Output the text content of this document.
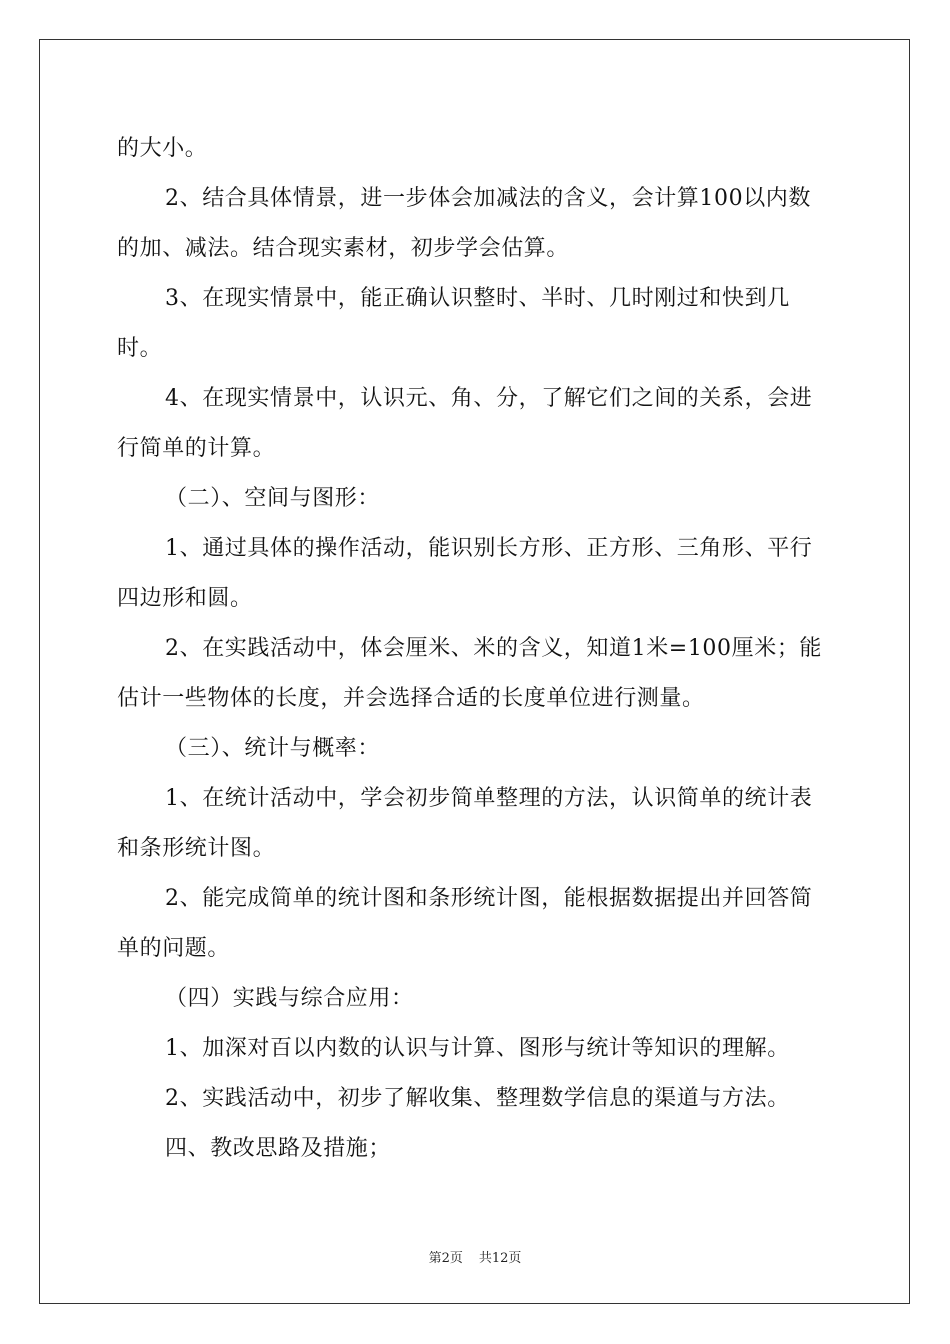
的大小。

2、结合具体情景，进一步体会加减法的含义，会计算100以内数的加、减法。结合现实素材，初步学会估算。

3、在现实情景中，能正确认识整时、半时、几时刚过和快到几时。

4、在现实情景中，认识元、角、分，了解它们之间的关系，会进行简单的计算。

（二）、空间与图形：

1、通过具体的操作活动，能识别长方形、正方形、三角形、平行四边形和圆。

2、在实践活动中，体会厘米、米的含义，知道1米=100厘米；能估计一些物体的长度，并会选择合适的长度单位进行测量。

（三）、统计与概率：

1、在统计活动中，学会初步简单整理的方法，认识简单的统计表和条形统计图。

2、能完成简单的统计图和条形统计图，能根据数据提出并回答简单的问题。

（四）实践与综合应用：

1、加深对百以内数的认识与计算、图形与统计等知识的理解。

2、实践活动中，初步了解收集、整理数学信息的渠道与方法。

四、教改思路及措施；

第2页 共12页
